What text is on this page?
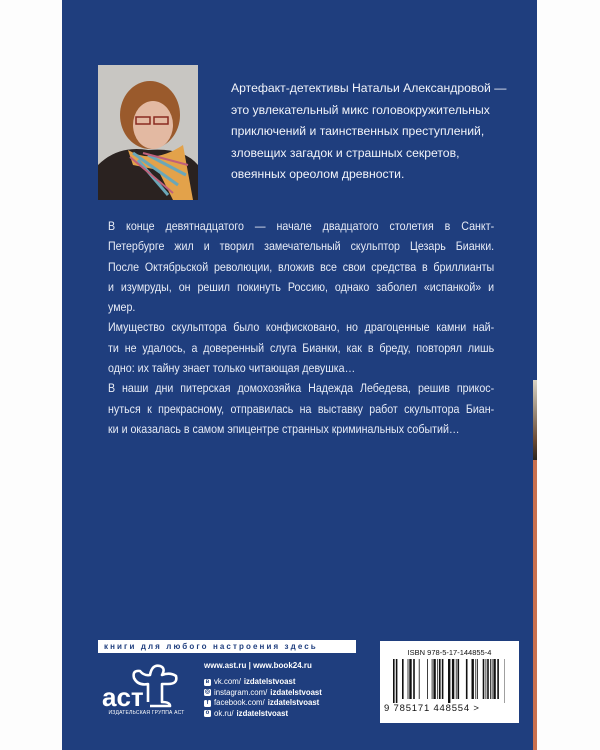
Артефакт-детективы Натальи Александровой —
это увлекательный микс головокружительных
приключений и таинственных преступлений,
зловещих загадок и страшных секретов,
овеянных ореолом древности.
В конце девятнадцатого — начале двадцатого столетия в Санкт-
Петербурге жил и творил замечательный скульптор Цезарь Бианки.
После Октябрьской революции, вложив все свои средства в бриллианты
и изумруды, он решил покинуть Россию, однако заболел «испанкой» и
умер.
Имущество скульптора было конфисковано, но драгоценные камни най-
ти не удалось, а доверенный слуга Бианки, как в бреду, повторял лишь
одно: их тайну знает только читающая девушка…
В наши дни питерская домохозяйка Надежда Лебедева, решив прикос-
нуться к прекрасному, отправилась на выставку работ скульптора Биан-
ки и оказалась в самом эпицентре странных криминальных событий…
книги для любого настроения здесь
аст
ИЗДАТЕЛЬСКАЯ ГРУППА АСТ
www.ast.ru | www.book24.ru
в vk.com/ izdatelstvoast
◎ instagram.com/ izdatelstvoast
f facebook.com/ izdatelstvoast
о ok.ru/ izdatelstvoast
ISBN 978-5-17-144855-4
9 785171 448554 >
